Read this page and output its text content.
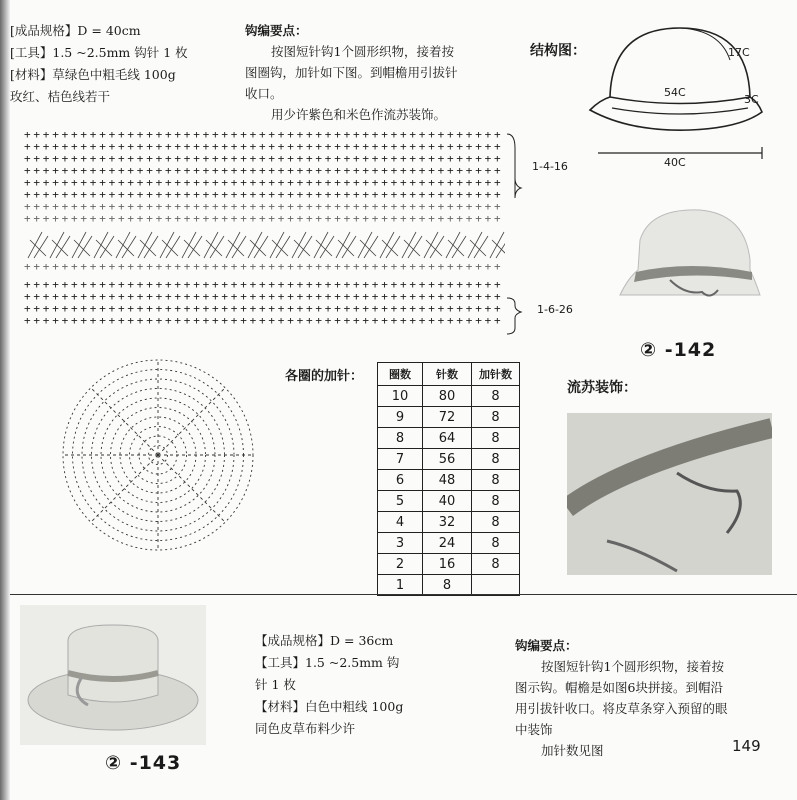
[成品规格】D = 40cm
[工具】1.5 ~2.5mm 钩针 1 枚
[材料】草绿色中粗毛线 100g
玫红、桔色线若干
钩编要点：
按图短针钩1个圆形织物，接着按
图圈钩，加针如下图。到帽檐用引拔针
收口。
用少许紫色和米色作流苏装饰。
结构图：	17C
54C
3C
40C
+ + + + + + + + + + + + + + + + + + + + + + + + + + + + + + + + + + + + + + + + + + + + + + + + + + +
+ + + + + + + + + + + + + + + + + + + + + + + + + + + + + + + + + + + + + + + + + + + + + + + + + + +
+ + + + + + + + + + + + + + + + + + + + + + + + + + + + + + + + + + + + + + + + + + + + + + + + + + +
+ + + + + + + + + + + + + + + + + + + + + + + + + + + + + + + + + + + + + + + + + + + + + + + + + + +
+ + + + + + + + + + + + + + + + + + + + + + + + + + + + + + + + + + + + + + + + + + + + + + + + + + +
+ + + + + + + + + + + + + + + + + + + + + + + + + + + + + + + + + + + + + + + + + + + + + + + + + + +
+ + + + + + + + + + + + + + + + + + + + + + + + + + + + + + + + + + + + + + + + + + + + + + + + + + +
+ + + + + + + + + + + + + + + + + + + + + + + + + + + + + + + + + + + + + + + + + + + + + + + + + + +
+ + + + + + + + + + + + + + + + + + + + + + + + + + + + + + + + + + + + + + + + + + + + + + + + + + +
+ + + + + + + + + + + + + + + + + + + + + + + + + + + + + + + + + + + + + + + + + + + + + + + + + + +
+
+
+
+
+
+
+
+
+
+
+
+
+
+
+
+
+
+
+
+
+
+
+
+
+
+
+
+
+
+
+
+
+
+
+
+
+
+
+
+
+
+
+
+
+
+
+
+
+
+
+
+
+
+
+
+
+
+
+
+
+
+
+
+
+
+
+
+
+
+
+
+
+
+
+
+
+
+
+
+
+
+
+
+
+
+
+
+
+
+
+
+
+
+
+
+
+
+
+
+
+
+
+
+
+
+
+
+
+
+
+
+
+
+
+
+
+
+
+
+
+
+
+
+
+
+
+
+
+
+
+
+
+
+
+
+
+
+
+
+
+
+
+
+
+
+
+
+
+
+
+
+
+
1-4-16
1-6-26
② -142
各圈的加针： 圈数	针数	加针数
10	80	8
9	72	8
8	64	8
7	56	8
6	48	8
5	40	8
4	32	8
3	24	8
2	16	8
1	8	
流苏装饰：
② -143
【成品规格】D = 36cm
【工具】1.5 ~2.5mm 钩
针 1 枚
【材料】白色中粗线 100g
同色皮草布料少许
钩编要点：
按图短针钩1个圆形织物，接着按
图示钩。帽檐是如图6块拼接。到帽沿
用引拔针收口。将皮草条穿入预留的眼
中装饰
加针数见图	149
